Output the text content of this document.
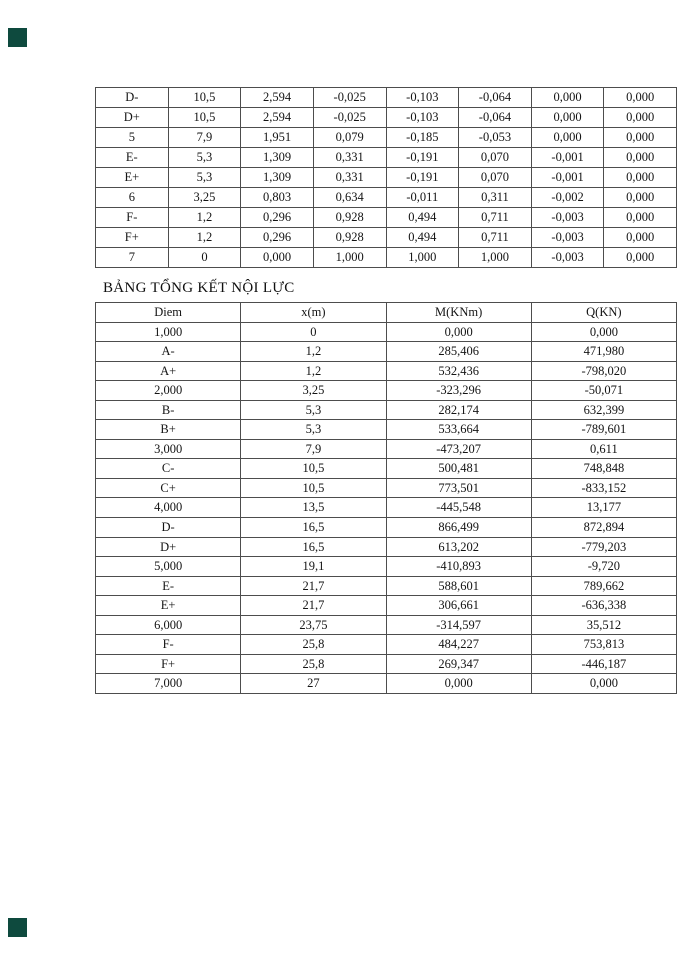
D-	10,5	2,594	-0,025	-0,103	-0,064	0,000	0,000
D+	10,5	2,594	-0,025	-0,103	-0,064	0,000	0,000
5	7,9	1,951	0,079	-0,185	-0,053	0,000	0,000
E-	5,3	1,309	0,331	-0,191	0,070	-0,001	0,000
E+	5,3	1,309	0,331	-0,191	0,070	-0,001	0,000
6	3,25	0,803	0,634	-0,011	0,311	-0,002	0,000
F-	1,2	0,296	0,928	0,494	0,711	-0,003	0,000
F+	1,2	0,296	0,928	0,494	0,711	-0,003	0,000
7	0	0,000	1,000	1,000	1,000	-0,003	0,000
BẢNG TỔNG KẾT NỘI LỰC
Diem	x(m)	M(KNm)	Q(KN)
1,000	0	0,000	0,000
A-	1,2	285,406	471,980
A+	1,2	532,436	-798,020
2,000	3,25	-323,296	-50,071
B-	5,3	282,174	632,399
B+	5,3	533,664	-789,601
3,000	7,9	-473,207	0,611
C-	10,5	500,481	748,848
C+	10,5	773,501	-833,152
4,000	13,5	-445,548	13,177
D-	16,5	866,499	872,894
D+	16,5	613,202	-779,203
5,000	19,1	-410,893	-9,720
E-	21,7	588,601	789,662
E+	21,7	306,661	-636,338
6,000	23,75	-314,597	35,512
F-	25,8	484,227	753,813
F+	25,8	269,347	-446,187
7,000	27	0,000	0,000
